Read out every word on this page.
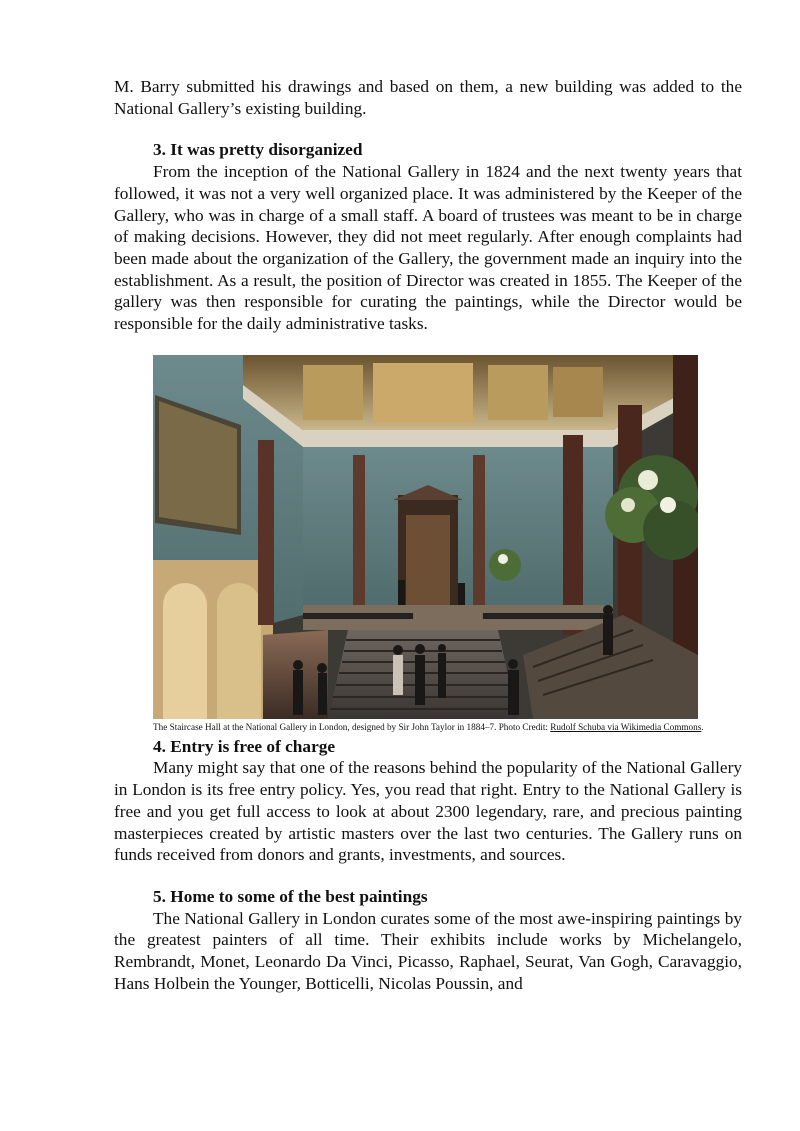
M. Barry submitted his drawings and based on them, a new building was added to the National Gallery’s existing building.

3. It was pretty disorganized

From the inception of the National Gallery in 1824 and the next twenty years that followed, it was not a very well organized place. It was administered by the Keeper of the Gallery, who was in charge of a small staff. A board of trustees was meant to be in charge of making decisions. However, they did not meet regularly. After enough complaints had been made about the organization of the Gallery, the government made an inquiry into the establishment. As a result, the position of Director was created in 1855. The Keeper of the gallery was then responsible for curating the paintings, while the Director would be responsible for the daily administrative tasks.

The Staircase Hall at the National Gallery in London, designed by Sir John Taylor in 1884–7. Photo Credit: Rudolf Schuba via Wikimedia Commons.

4. Entry is free of charge

Many might say that one of the reasons behind the popularity of the National Gallery in London is its free entry policy. Yes, you read that right. Entry to the National Gallery is free and you get full access to look at about 2300 legendary, rare, and precious painting masterpieces created by artistic masters over the last two centuries. The Gallery runs on funds received from donors and grants, investments, and sources.

5. Home to some of the best paintings

The National Gallery in London curates some of the most awe-inspiring paintings by the greatest painters of all time. Their exhibits include works by Michelangelo, Rembrandt, Monet, Leonardo Da Vinci, Picasso, Raphael, Seurat, Van Gogh, Caravaggio, Hans Holbein the Younger, Botticelli, Nicolas Poussin, and
